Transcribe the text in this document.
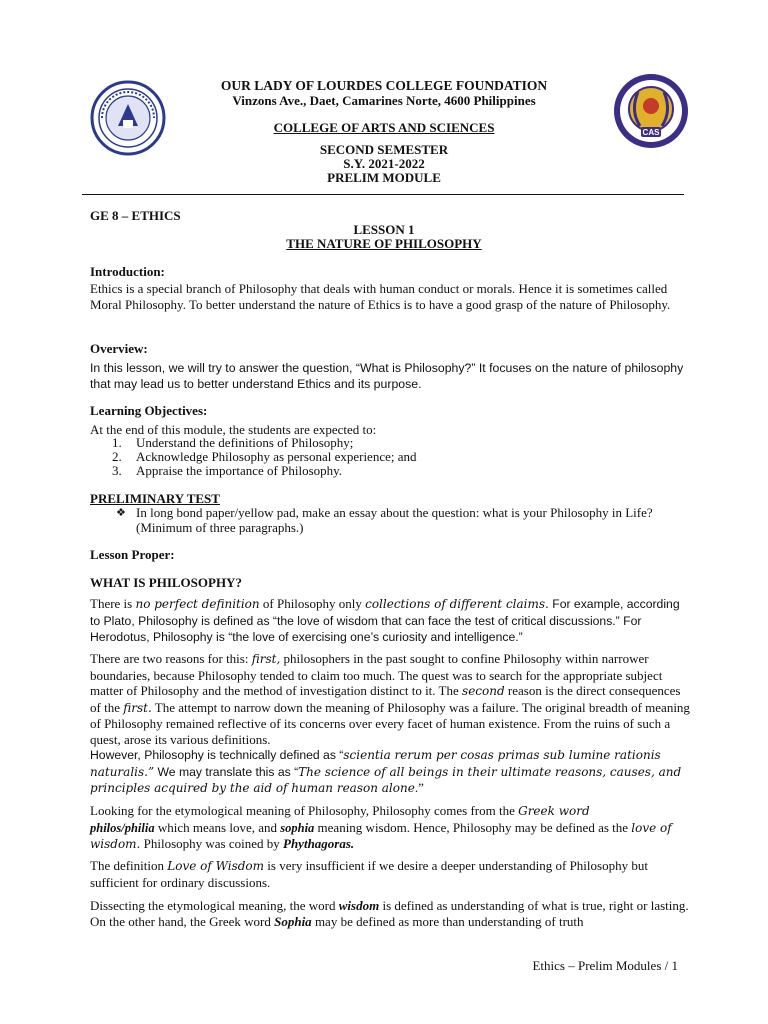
CAS
OUR LADY OF LOURDES COLLEGE FOUNDATION
Vinzons Ave., Daet, Camarines Norte, 4600 Philippines
COLLEGE OF ARTS AND SCIENCES
SECOND SEMESTER
S.Y. 2021-2022
PRELIM MODULE
GE 8 – ETHICS
LESSON 1
THE NATURE OF PHILOSOPHY
Introduction:

Ethics is a special branch of Philosophy that deals with human conduct or morals. Hence it is sometimes called Moral Philosophy. To better understand the nature of Ethics is to have a good grasp of the nature of Philosophy.

Overview:

In this lesson, we will try to answer the question, “What is Philosophy?” It focuses on the nature of philosophy that may lead us to better understand Ethics and its purpose.

Learning Objectives:
At the end of this module, the students are expected to:
1. Understand the definitions of Philosophy;
2. Acknowledge Philosophy as personal experience; and
3. Appraise the importance of Philosophy.
PRELIMINARY TEST
❖ In long bond paper/yellow pad, make an essay about the question: what is your Philosophy in Life? (Minimum of three paragraphs.)

Lesson Proper:
WHAT IS PHILOSOPHY?

There is no perfect definition of Philosophy only collections of different claims. For example, according to Plato, Philosophy is defined as “the love of wisdom that can face the test of critical discussions.” For Herodotus, Philosophy is “the love of exercising one’s curiosity and intelligence.”

There are two reasons for this: first, philosophers in the past sought to confine Philosophy within narrower boundaries, because Philosophy tended to claim too much. The quest was to search for the appropriate subject matter of Philosophy and the method of investigation distinct to it. The second reason is the direct consequences of the first. The attempt to narrow down the meaning of Philosophy was a failure. The original breadth of meaning of Philosophy remained reflective of its concerns over every facet of human existence. From the ruins of such a quest, arose its various definitions.

However, Philosophy is technically defined as “scientia rerum per cosas primas sub lumine rationis naturalis.” We may translate this as “The science of all beings in their ultimate reasons, causes, and principles acquired by the aid of human reason alone.”

Looking for the etymological meaning of Philosophy, Philosophy comes from the Greek word
philos/philia which means love, and sophia meaning wisdom. Hence, Philosophy may be defined as the love of wisdom. Philosophy was coined by Phythagoras.

The definition Love of Wisdom is very insufficient if we desire a deeper understanding of Philosophy but sufficient for ordinary discussions.

Dissecting the etymological meaning, the word wisdom is defined as understanding of what is true, right or lasting. On the other hand, the Greek word Sophia may be defined as more than understanding of truth

Ethics – Prelim Modules / 1
